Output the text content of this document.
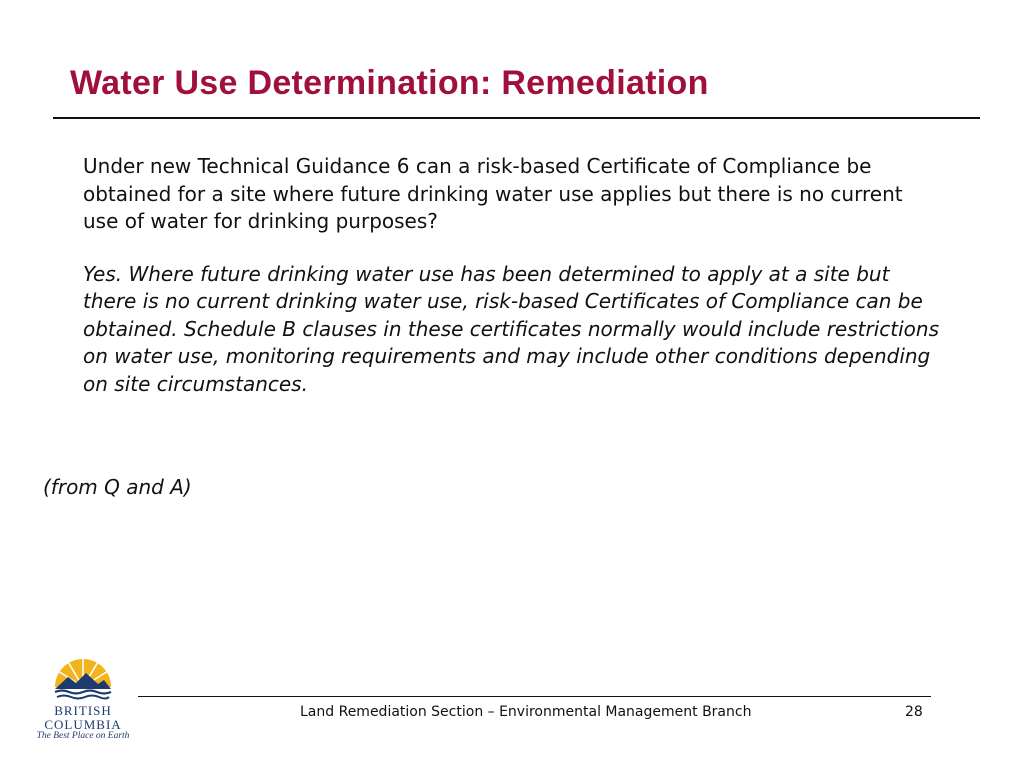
Water Use Determination: Remediation

Under new Technical Guidance 6 can a risk-based Certificate of Compliance be obtained for a site where future drinking water use applies but there is no current use of water for drinking purposes?

Yes. Where future drinking water use has been determined to apply at a site but there is no current drinking water use, risk-based Certificates of Compliance can be obtained. Schedule B clauses in these certificates normally would include restrictions on water use, monitoring requirements and may include other conditions depending on site circumstances.

(from Q and A)

BRITISH
COLUMBIA
The Best Place on Earth
Land Remediation Section – Environmental Management Branch	28
